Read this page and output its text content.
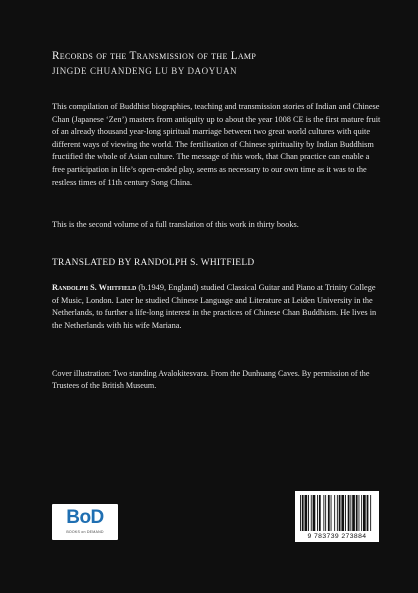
Records of the Transmission of the Lamp
JINGDE CHUANDENG LU BY DAOYUAN
This compilation of Buddhist biographies, teaching and transmission stories of Indian and Chinese Chan (Japanese ‘Zen’) masters from antiquity up to about the year 1008 CE is the first mature fruit of an already thousand year-long spiritual marriage between two great world cultures with quite different ways of viewing the world. The fertilisation of Chinese spirituality by Indian Buddhism fructified the whole of Asian culture. The message of this work, that Chan practice can enable a free participation in life’s open-ended play, seems as necessary to our own time as it was to the restless times of 11th century Song China.
This is the second volume of a full translation of this work in thirty books.
TRANSLATED BY RANDOLPH S. WHITFIELD
Randolph S. Whitfield (b.1949, England) studied Classical Guitar and Piano at Trinity College of Music, London. Later he studied Chinese Language and Literature at Leiden University in the Netherlands, to further a life-long interest in the practices of Chinese Chan Buddhism. He lives in the Netherlands with his wife Mariana.
Cover illustration: Two standing Avalokitesvara. From the Dunhuang Caves. By permission of the Trustees of the British Museum.
BoD
BOOKS on DEMAND
9 783739 273884
